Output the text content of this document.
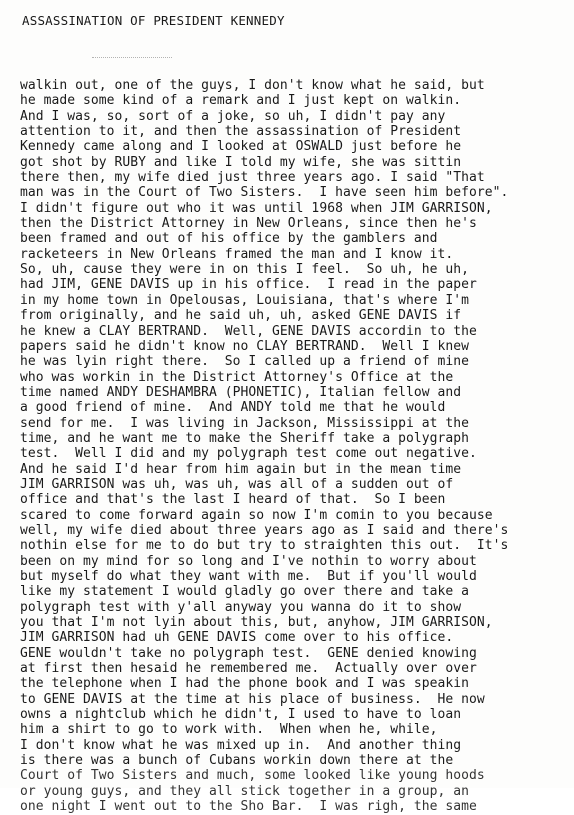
ASSASSINATION OF PRESIDENT KENNEDY
walkin out, one of the guys, I don't know what he said, but
he made some kind of a remark and I just kept on walkin.
And I was, so, sort of a joke, so uh, I didn't pay any
attention to it, and then the assassination of President
Kennedy came along and I looked at OSWALD just before he
got shot by RUBY and like I told my wife, she was sittin
there then, my wife died just three years ago. I said "That
man was in the Court of Two Sisters.  I have seen him before".
I didn't figure out who it was until 1968 when JIM GARRISON,
then the District Attorney in New Orleans, since then he's
been framed and out of his office by the gamblers and
racketeers in New Orleans framed the man and I know it.
So, uh, cause they were in on this I feel.  So uh, he uh,
had JIM, GENE DAVIS up in his office.  I read in the paper
in my home town in Opelousas, Louisiana, that's where I'm
from originally, and he said uh, uh, asked GENE DAVIS if
he knew a CLAY BERTRAND.  Well, GENE DAVIS accordin to the
papers said he didn't know no CLAY BERTRAND.  Well I knew
he was lyin right there.  So I called up a friend of mine
who was workin in the District Attorney's Office at the
time named ANDY DESHAMBRA (PHONETIC), Italian fellow and
a good friend of mine.  And ANDY told me that he would
send for me.  I was living in Jackson, Mississippi at the
time, and he want me to make the Sheriff take a polygraph
test.  Well I did and my polygraph test come out negative.
And he said I'd hear from him again but in the mean time
JIM GARRISON was uh, was uh, was all of a sudden out of
office and that's the last I heard of that.  So I been
scared to come forward again so now I'm comin to you because
well, my wife died about three years ago as I said and there's
nothin else for me to do but try to straighten this out.  It's
been on my mind for so long and I've nothin to worry about
but myself do what they want with me.  But if you'll would
like my statement I would gladly go over there and take a
polygraph test with y'all anyway you wanna do it to show
you that I'm not lyin about this, but, anyhow, JIM GARRISON,
JIM GARRISON had uh GENE DAVIS come over to his office.
GENE wouldn't take no polygraph test.  GENE denied knowing
at first then hesaid he remembered me.  Actually over over
the telephone when I had the phone book and I was speakin
to GENE DAVIS at the time at his place of business.  He now
owns a nightclub which he didn't, I used to have to loan
him a shirt to go to work with.  When when he, while,
I don't know what he was mixed up in.  And another thing
is there was a bunch of Cubans workin down there at the
Court of Two Sisters and much, some looked like young hoods
or young guys, and they all stick together in a group, an
one night I went out to the Sho Bar.  I was righ, the same
